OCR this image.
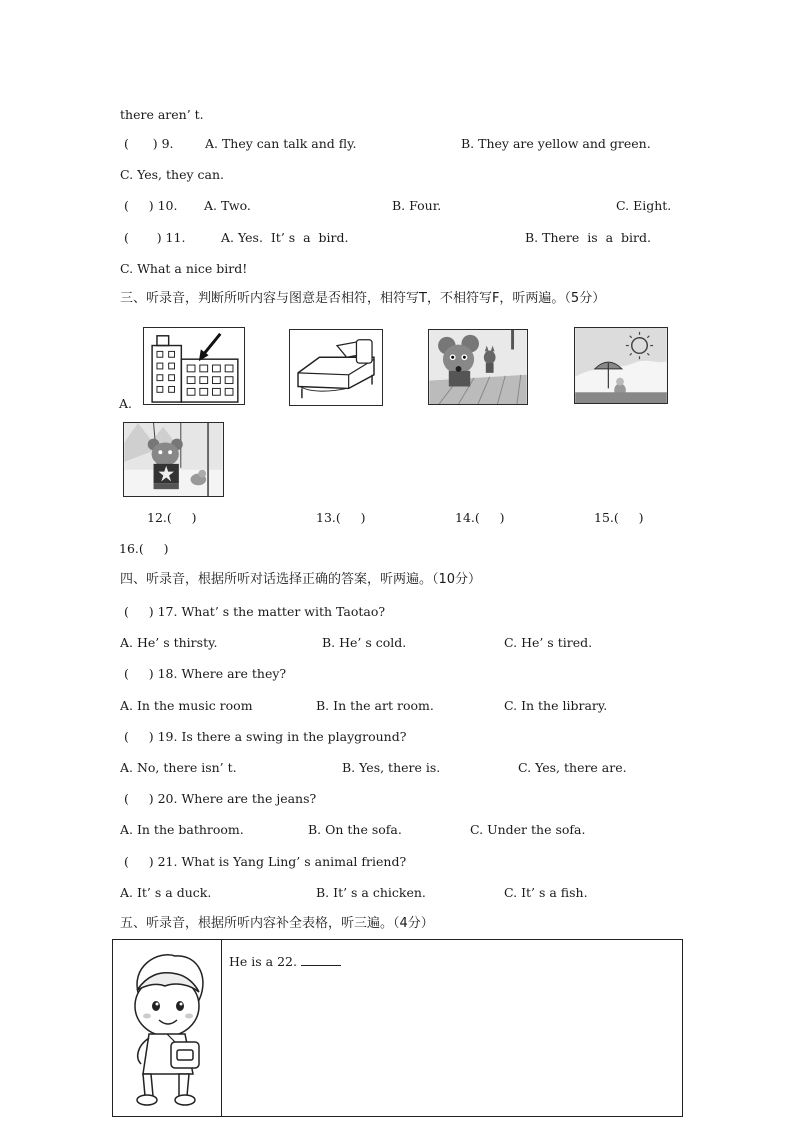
there aren’ t.
(      ) 9.	A. They can talk and fly.	B. They are yellow and green.
C. Yes, they can.
(     ) 10. A. Two.	B. Four.	C. Eight.
(       ) 11.	A. Yes.  It’ s  a  bird.	B. There  is  a  bird.
C. What a nice bird!
三、听录音，判断所听内容与图意是否相符，相符写T，不相符写F，听两遍。（5分）
A.
12.(     )	13.(     )	14.(     )	15.(     )
16.(     )
四、听录音，根据所听对话选择正确的答案，听两遍。（10分）
(     ) 17. What’ s the matter with Taotao?
A. He’ s thirsty.	B. He’ s cold.	C. He’ s tired.
(     ) 18. Where are they?
A. In the music room	B. In the art room.	C. In the library.
(     ) 19. Is there a swing in the playground?
A. No, there isn’ t.	B. Yes, there is.	C. Yes, there are.
(     ) 20. Where are the jeans?
A. In the bathroom.	B. On the sofa.	C. Under the sofa.
(     ) 21. What is Yang Ling’ s animal friend?
A. It’ s a duck.	B. It’ s a chicken.	C. It’ s a fish.
五、听录音，根据所听内容补全表格，听三遍。（4分）
He is a 22.
